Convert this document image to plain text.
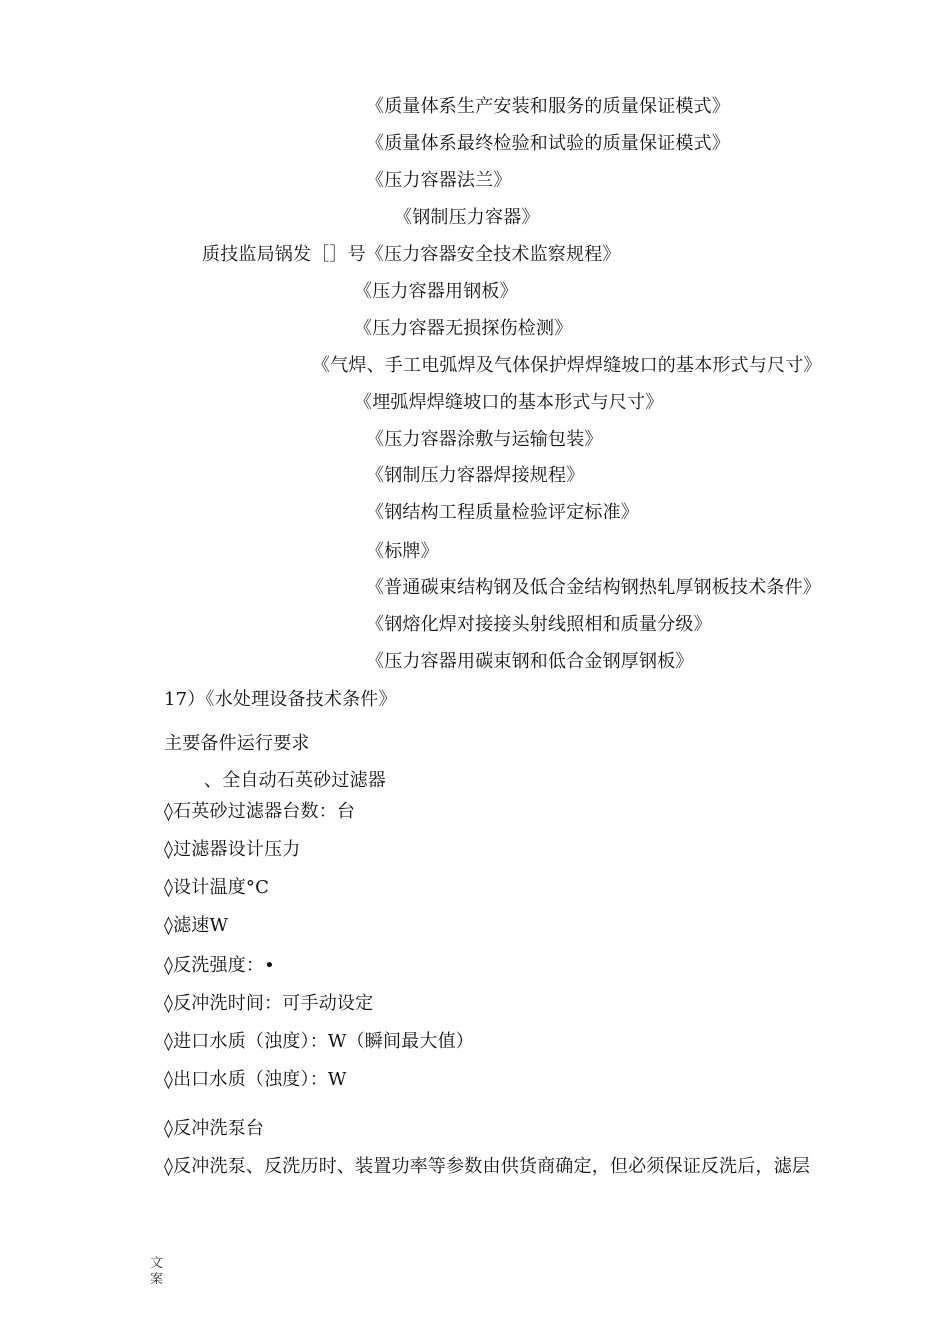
《质量体系生产安装和服务的质量保证模式》
《质量体系最终检验和试验的质量保证模式》
《压力容器法兰》
《钢制压力容器》
质技监局锅发［］号《压力容器安全技术监察规程》
《压力容器用钢板》
《压力容器无损探伤检测》
《气焊、手工电弧焊及气体保护焊焊缝坡口的基本形式与尺寸》
《埋弧焊焊缝坡口的基本形式与尺寸》
《压力容器涂敷与运输包装》
《钢制压力容器焊接规程》
《钢结构工程质量检验评定标准》
《标牌》
《普通碳束结构钢及低合金结构钢热轧厚钢板技术条件》
《钢熔化焊对接接头射线照相和质量分级》
《压力容器用碳束钢和低合金钢厚钢板》
17）《水处理设备技术条件》
主要备件运行要求
、全自动石英砂过滤器
◊石英砂过滤器台数：台
◊过滤器设计压力
◊设计温度°C
◊滤速W
◊反洗强度：•
◊反冲洗时间：可手动设定
◊进口水质（浊度）：W（瞬间最大值）
◊出口水质（浊度）：W
◊反冲洗泵台
◊反冲洗泵、反洗历时、装置功率等参数由供货商确定，但必须保证反洗后，滤层
文
案
